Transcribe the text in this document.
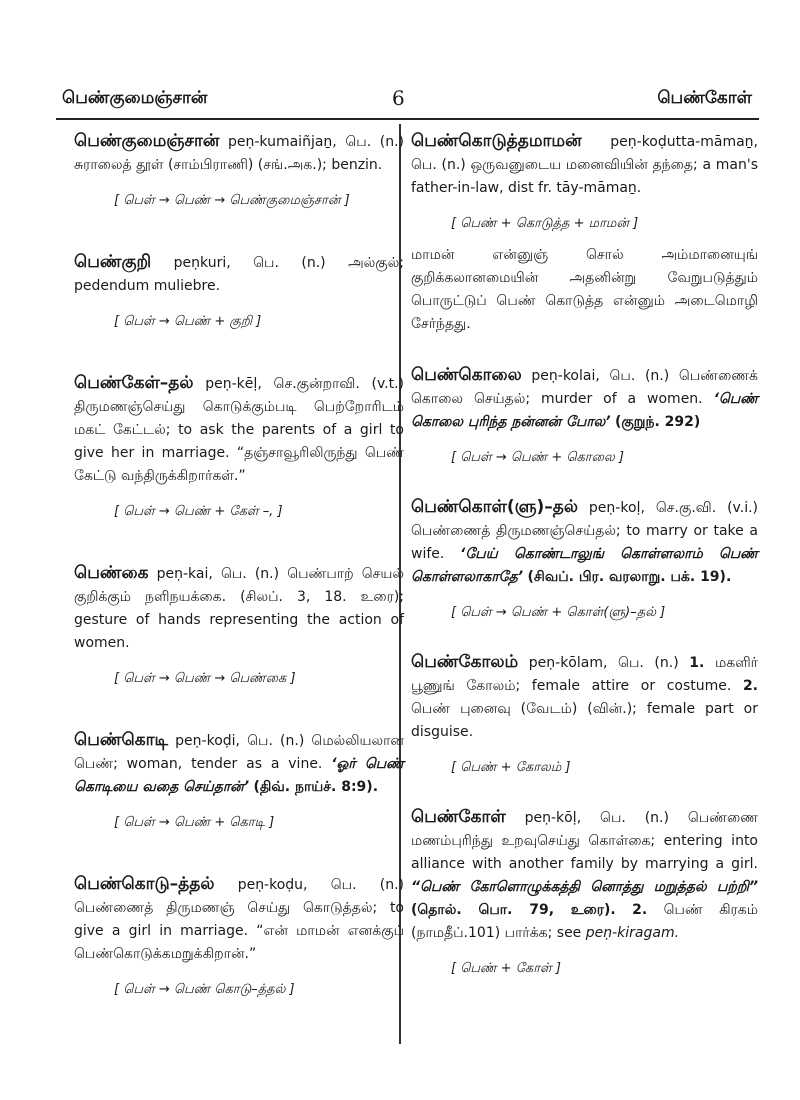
பெண்குமைஞ்சான்	6	பெண்கோள்
பெண்குமைஞ்சான் peṇ-kumaiñjaṉ, பெ. (n.) சுராலைத் தூள் (சாம்பிராணி) (சங்.அக.); benzin.
[ பெள் → பெண் → பெண்குமைஞ்சான் ]
பெண்குறி peṇkuri, பெ. (n.) அல்குல்; pedendum muliebre.
[ பெள் → பெண் + குறி ]
பெண்கேள்–தல் peṇ-kēḷ, செ.குன்றாவி. (v.t.) திருமணஞ்செய்து கொடுக்கும்படி பெற்றோரிடம் மகட் கேட்டல்; to ask the parents of a girl to give her in marriage. “தஞ்சாவூரிலிருந்து பெண் கேட்டு வந்திருக்கிறார்கள்.”
[ பெள் → பெண் + கேள் –, ]
பெண்கை peṇ-kai, பெ. (n.) பெண்பாற் செயல் குறிக்கும் நளிநயக்கை. (சிலப். 3, 18. உரை); gesture of hands representing the action of women.
[ பெள் → பெண் → பெண்கை ]
பெண்கொடி peṇ-koḍi, பெ. (n.) மெல்லியலான பெண்; woman, tender as a vine. ‘ஓர் பெண் கொடியை வதை செய்தான்’ (திவ். நாய்ச். 8:9).
[ பெள் → பெண் + கொடி ]
பெண்கொடு–த்தல் peṇ-koḍu, பெ. (n.) பெண்ணைத் திருமணஞ் செய்து கொடுத்தல்; to give a girl in marriage. “என் மாமன் எனக்குப் பெண்கொடுக்கமறுக்கிறான்.”
[ பெள் → பெண் கொடு–த்தல் ]
பெண்கொடுத்தமாமன் peṇ-koḍutta-māmaṉ, பெ. (n.) ஒருவனுடைய மனைவியின் தந்தை; a man's father-in-law, dist fr. tāy-māmaṉ.
[ பெண் + கொடுத்த + மாமன் ]
மாமன் என்னுஞ் சொல் அம்மானையுங் குறிக்கலானமையின் அதனின்று வேறுபடுத்தும் பொருட்டுப் பெண் கொடுத்த என்னும் அடைமொழி சேர்ந்தது.
பெண்கொலை peṇ-kolai, பெ. (n.) பெண்ணைக் கொலை செய்தல்; murder of a women. ‘பெண் கொலை புரிந்த நன்னன் போல’ (குறுந். 292)
[ பெள் → பெண் + கொலை ]
பெண்கொள்(ளு)–தல் peṇ-koḷ, செ.கு.வி. (v.i.) பெண்ணைத் திருமணஞ்செய்தல்; to marry or take a wife. ‘பேய் கொண்டாலுங் கொள்ளலாம் பெண் கொள்ளலாகாதே’ (சிவப். பிர. வரலாறு. பக். 19).
[ பெள் → பெண் + கொள்(ளு)–தல் ]
பெண்கோலம் peṇ-kōlam, பெ. (n.) 1. மகளிர் பூணுங் கோலம்; female attire or costume. 2. பெண் புனைவு (வேடம்) (வின்.); female part or disguise.
[ பெண் + கோலம் ]
பெண்கோள் peṇ-kōḷ, பெ. (n.) பெண்ணை மணம்புரிந்து உறவுசெய்து கொள்கை; entering into alliance with another family by marrying a girl. “பெண் கோளொழுக்கத்தி னொத்து மறுத்தல் பற்றி” (தொல். பொ. 79, உரை). 2. பெண் கிரகம் (நாமதீப்.101) பார்க்க; see peṇ-kiragam.
[ பெண் + கோள் ]
